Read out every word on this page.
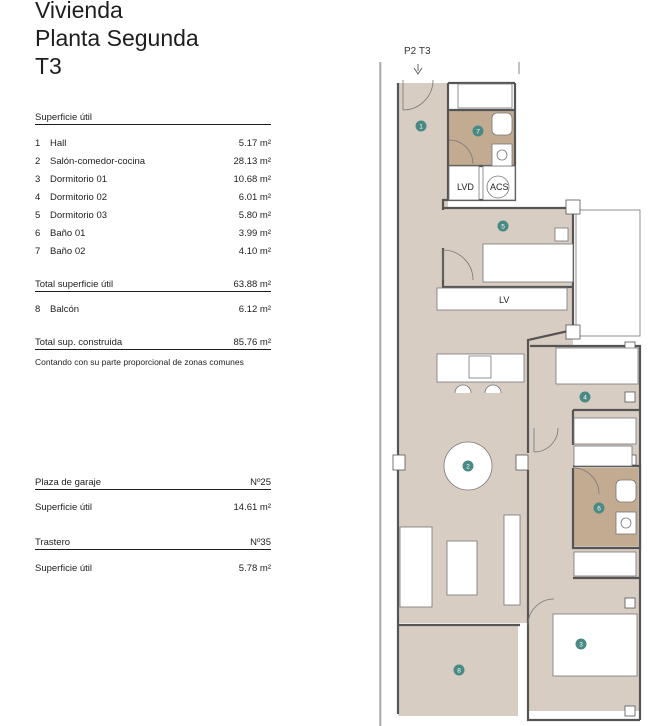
Vivienda
Planta Segunda
T3
Superficie útil
1 Hall	5.17 m²
2 Salón-comedor-cocina	28.13 m²
3 Dormitorio 01	10.68 m²
4 Dormitorio 02	6.01 m²
5 Dormitorio 03	5.80 m²
6 Baño 01	3.99 m²
7 Baño 02	4.10 m²
Total superficie útil	63.88 m²
8 Balcón	6.12 m²
Total sup. construida	85.76 m²
Contando con su parte proporcional de zonas comunes
Plaza de garaje	Nº25
Superficie útil	14.61 m²
Trastero	Nº35
Superficie útil	5.78 m²
P2 T3
LVD ACS
LV
1
2
3
4
5
6
7
8
